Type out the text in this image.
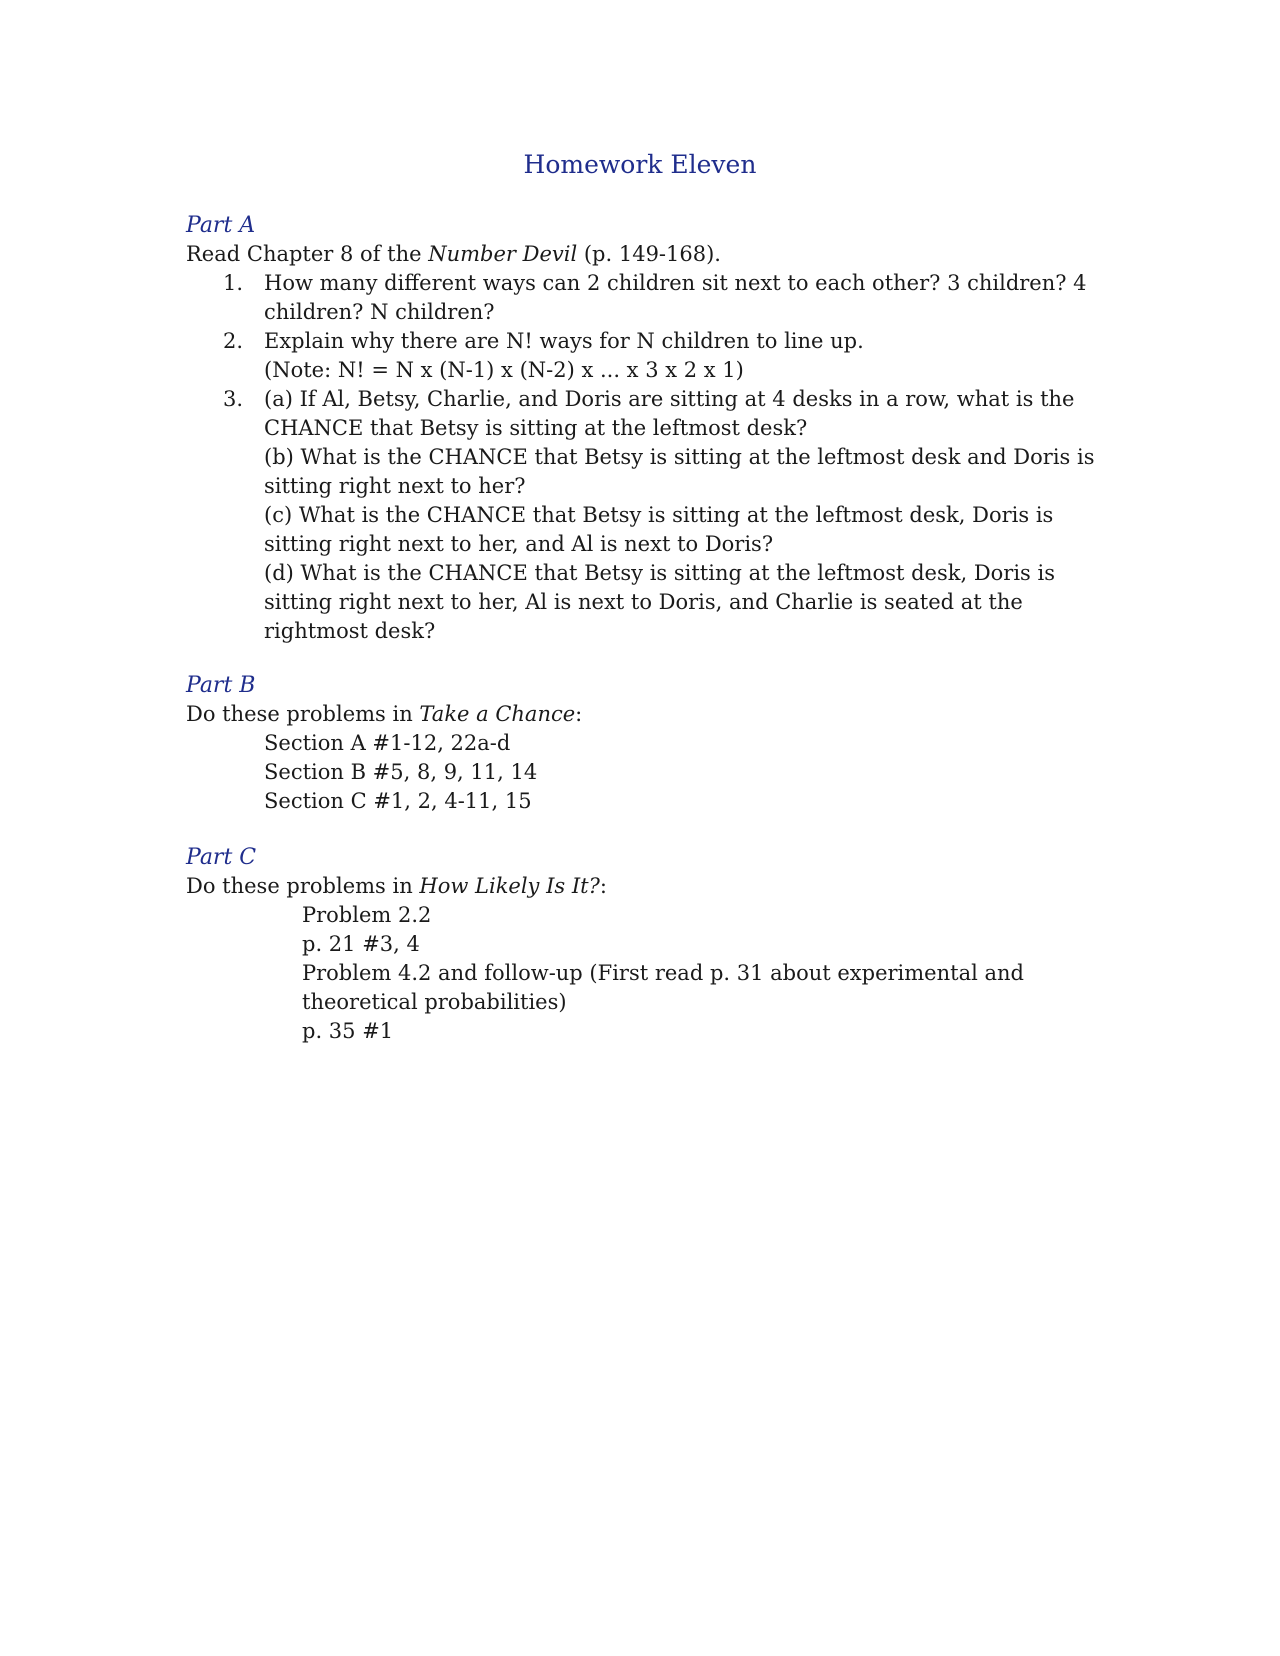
Homework Eleven
Part A

Read Chapter 8 of the Number Devil (p. 149-168).

1. How many different ways can 2 children sit next to each other? 3 children? 4
children? N children?
2. Explain why there are N! ways for N children to line up.
(Note: N! = N x (N-1) x (N-2) x ... x 3 x 2 x 1)
3. (a) If Al, Betsy, Charlie, and Doris are sitting at 4 desks in a row, what is the
CHANCE that Betsy is sitting at the leftmost desk?
(b) What is the CHANCE that Betsy is sitting at the leftmost desk and Doris is
sitting right next to her?
(c) What is the CHANCE that Betsy is sitting at the leftmost desk, Doris is
sitting right next to her, and Al is next to Doris?
(d) What is the CHANCE that Betsy is sitting at the leftmost desk, Doris is
sitting right next to her, Al is next to Doris, and Charlie is seated at the
rightmost desk?
Part B

Do these problems in Take a Chance:

Section A #1-12, 22a-d
Section B #5, 8, 9, 11, 14
Section C #1, 2, 4-11, 15
Part C

Do these problems in How Likely Is It?:

Problem 2.2
p. 21 #3, 4
Problem 4.2 and follow-up (First read p. 31 about experimental and
theoretical probabilities)
p. 35 #1
